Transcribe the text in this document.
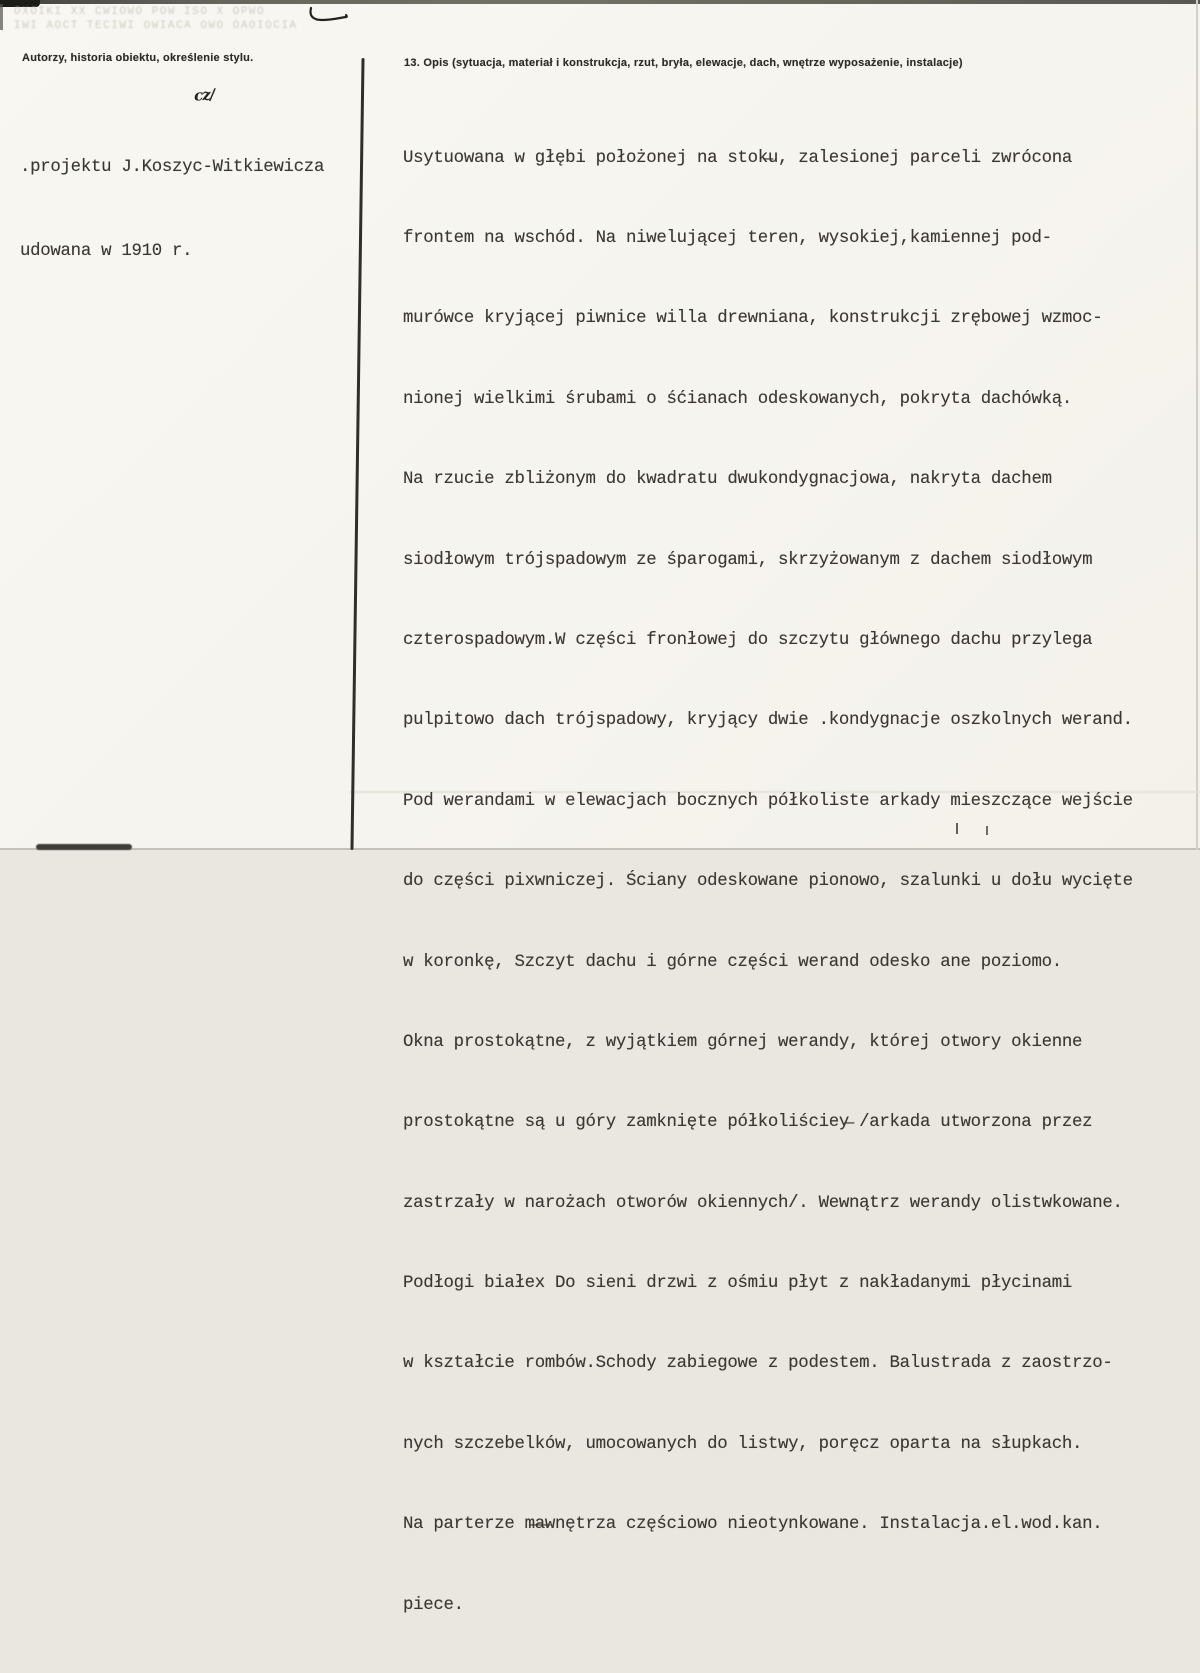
OXOIKI XX CWIOWO POW ISO X OPWO
IWI AOCT TECIWI OWIACA OWO OAOIOCIA
Autorzy, historia obiektu, określenie stylu.	13. Opis (sytuacja, materiał i konstrukcja, rzut, bryła, elewacje, dach, wnętrze wyposażenie, instalacje)

.projektu J.Koszyc-Witkiewicza

udowana w 1910 r.

cz/

Usytuowana w głębi położonej na stok̶u, zalesionej parceli zwrócona

frontem na wschód. Na niwelującej teren, wysokiej,kamiennej pod-

murówce kryjącej piwnice willa drewniana, konstrukcji zrębowej wzmoc-

nionej wielkimi śrubami o śćianach odeskowanych, pokryta dachówką.

Na rzucie zbliżonym do kwadratu dwukondygnacjowa, nakryta dachem

siodłowym trójspadowym ze śparogami, skrzyżowanym z dachem siodłowym

czterospadowym.W części fronłowej do szczytu głównego dachu przylega

pulpitowo dach trójspadowy, kryjący dwie .kondygnacje oszkolnych werand.

Pod werandami w elewacjach bocznych półkoliste arkady mieszczące wejście

do części pixwniczej. Ściany odeskowane pionowo, szalunki u dołu wycięte

w koronkę, Szczyt dachu i górne części werand odesko ane poziomo.

Okna prostokątne, z wyjątkiem górnej werandy, której otwory okienne

prostokątne są u góry zamknięte półkoliściey̶ /arkada utworzona przez

zastrzały w narożach otworów okiennych/. Wewnątrz werandy olistwkowane.

Podłogi białex Do sieni drzwi z ośmiu płyt z nakładanymi płycinami

w kształcie rombów.Schody zabiegowe z podestem. Balustrada z zaostrzo-

nych szczebelków, umocowanych do listwy, poręcz oparta na słupkach.

Na parterze m̶a̶wnętrza częściowo nieotynkowane. Instalacja.el.wod.kan.

piece.
